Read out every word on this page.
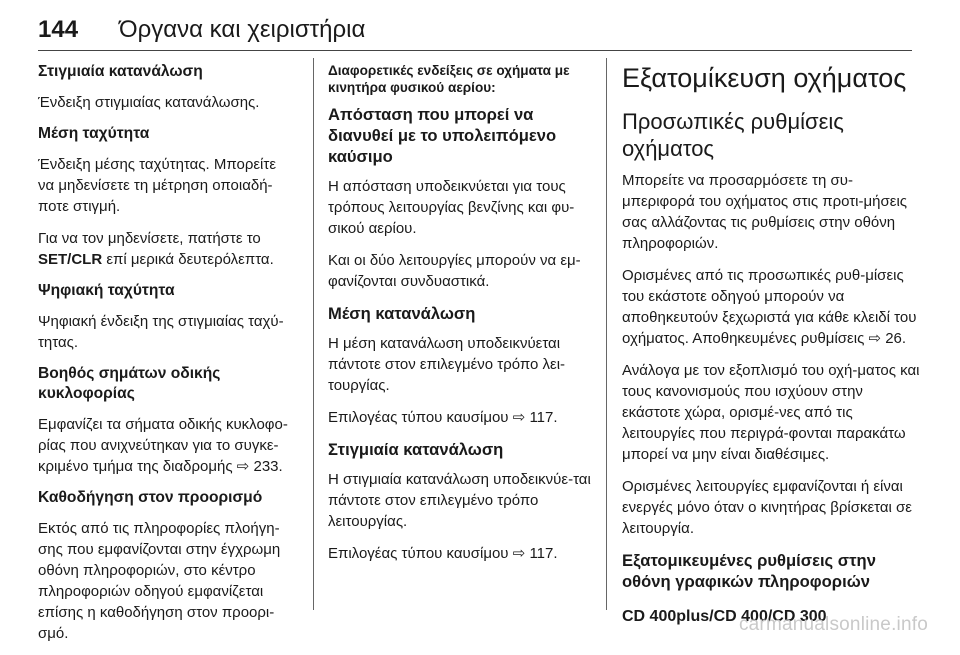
144 Όργανα και χειριστήρια
Στιγμιαία κατανάλωση

Ένδειξη στιγμιαίας κατανάλωσης.

Μέση ταχύτητα

Ένδειξη μέσης ταχύτητας. Μπορείτε να μηδενίσετε τη μέτρηση οποιαδή-ποτε στιγμή.

Για να τον μηδενίσετε, πατήστε το SET/CLR επί μερικά δευτερόλεπτα.

Ψηφιακή ταχύτητα

Ψηφιακή ένδειξη της στιγμιαίας ταχύ-τητας.

Βοηθός σημάτων οδικής κυκλοφορίας

Εμφανίζει τα σήματα οδικής κυκλοφο-ρίας που ανιχνεύτηκαν για το συγκε-κριμένο τμήμα της διαδρομής ⇨ 233.

Καθοδήγηση στον προορισμό

Εκτός από τις πληροφορίες πλοήγη-σης που εμφανίζονται στην έγχρωμη οθόνη πληροφοριών, στο κέντρο πληροφοριών οδηγού εμφανίζεται επίσης η καθοδήγηση στον προορι-σμό.

Διαφορετικές ενδείξεις σε οχήματα με κινητήρα φυσικού αερίου:
Απόσταση που μπορεί να διανυθεί με το υπολειπόμενο καύσιμο

Η απόσταση υποδεικνύεται για τους τρόπους λειτουργίας βενζίνης και φυ-σικού αερίου.

Και οι δύο λειτουργίες μπορούν να εμ-φανίζονται συνδυαστικά.

Μέση κατανάλωση

Η μέση κατανάλωση υποδεικνύεται πάντοτε στον επιλεγμένο τρόπο λει-τουργίας.

Επιλογέας τύπου καυσίμου ⇨ 117.

Στιγμιαία κατανάλωση

Η στιγμιαία κατανάλωση υποδεικνύε-ται πάντοτε στον επιλεγμένο τρόπο λειτουργίας.

Επιλογέας τύπου καυσίμου ⇨ 117.

Εξατομίκευση οχήματος
Προσωπικές ρυθμίσεις οχήματος

Μπορείτε να προσαρμόσετε τη συ-μπεριφορά του οχήματος στις προτι-μήσεις σας αλλάζοντας τις ρυθμίσεις στην οθόνη πληροφοριών.

Ορισμένες από τις προσωπικές ρυθ-μίσεις του εκάστοτε οδηγού μπορούν να αποθηκευτούν ξεχωριστά για κάθε κλειδί του οχήματος. Αποθηκευμένες ρυθμίσεις ⇨ 26.

Ανάλογα με τον εξοπλισμό του οχή-ματος και τους κανονισμούς που ισχύουν στην εκάστοτε χώρα, ορισμέ-νες από τις λειτουργίες που περιγρά-φονται παρακάτω μπορεί να μην είναι διαθέσιμες.

Ορισμένες λειτουργίες εμφανίζονται ή είναι ενεργές μόνο όταν ο κινητήρας βρίσκεται σε λειτουργία.

Εξατομικευμένες ρυθμίσεις στην οθόνη γραφικών πληροφοριών
CD 400plus/CD 400/CD 300
carmanualsonline.info
